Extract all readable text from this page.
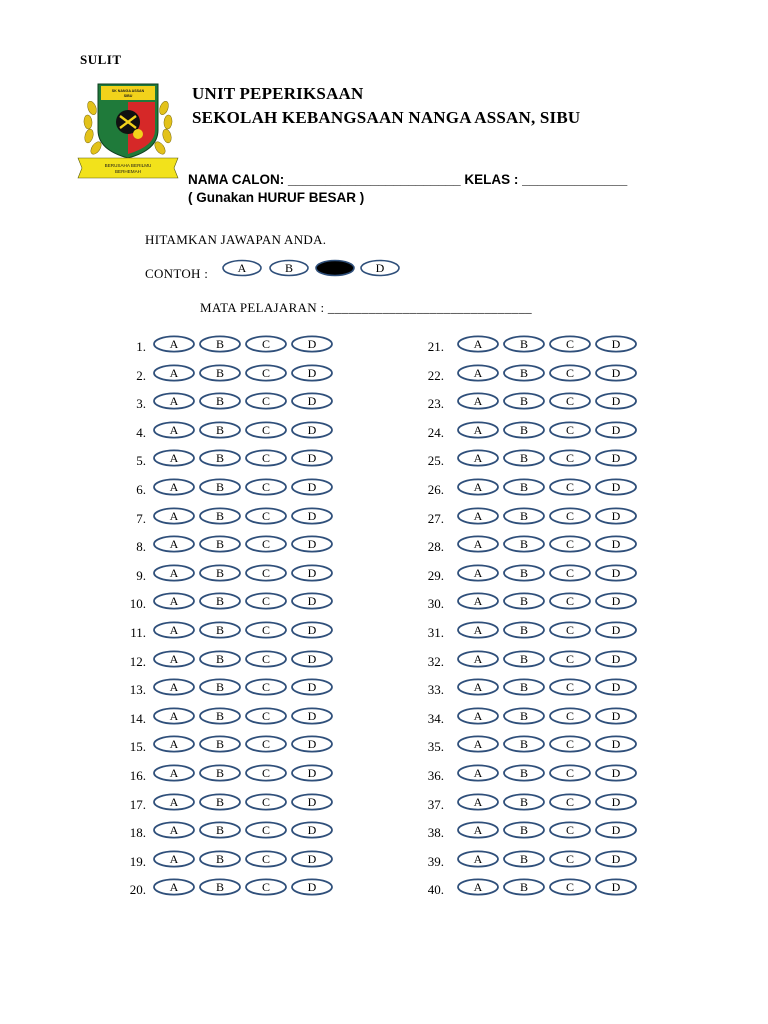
SULIT
SK NANGA ASSAN
SIBU
BERUSAHA BERILMU
BERHEMAH
UNIT PEPERIKSAAN
SEKOLAH KEBANGSAAN NANGA ASSAN, SIBU
NAMA CALON: _______________________ KELAS : ______________
( Gunakan HURUF BESAR )
HITAMKAN JAWAPAN ANDA.
CONTOH : A	B	D
MATA PELAJARAN : ______________________________
1. A	B	C	D
2. A	B	C	D
3. A	B	C	D
4. A	B	C	D
5. A	B	C	D
6. A	B	C	D
7. A	B	C	D
8. A	B	C	D
9. A	B	C	D
10. A	B	C	D
11. A	B	C	D
12. A	B	C	D
13. A	B	C	D
14. A	B	C	D
15. A	B	C	D
16. A	B	C	D
17. A	B	C	D
18. A	B	C	D
19. A	B	C	D
20. A	B	C	D
21. A	B	C	D
22. A	B	C	D
23. A	B	C	D
24. A	B	C	D
25. A	B	C	D
26. A	B	C	D
27. A	B	C	D
28. A	B	C	D
29. A	B	C	D
30. A	B	C	D
31. A	B	C	D
32. A	B	C	D
33. A	B	C	D
34. A	B	C	D
35. A	B	C	D
36. A	B	C	D
37. A	B	C	D
38. A	B	C	D
39. A	B	C	D
40. A	B	C	D
